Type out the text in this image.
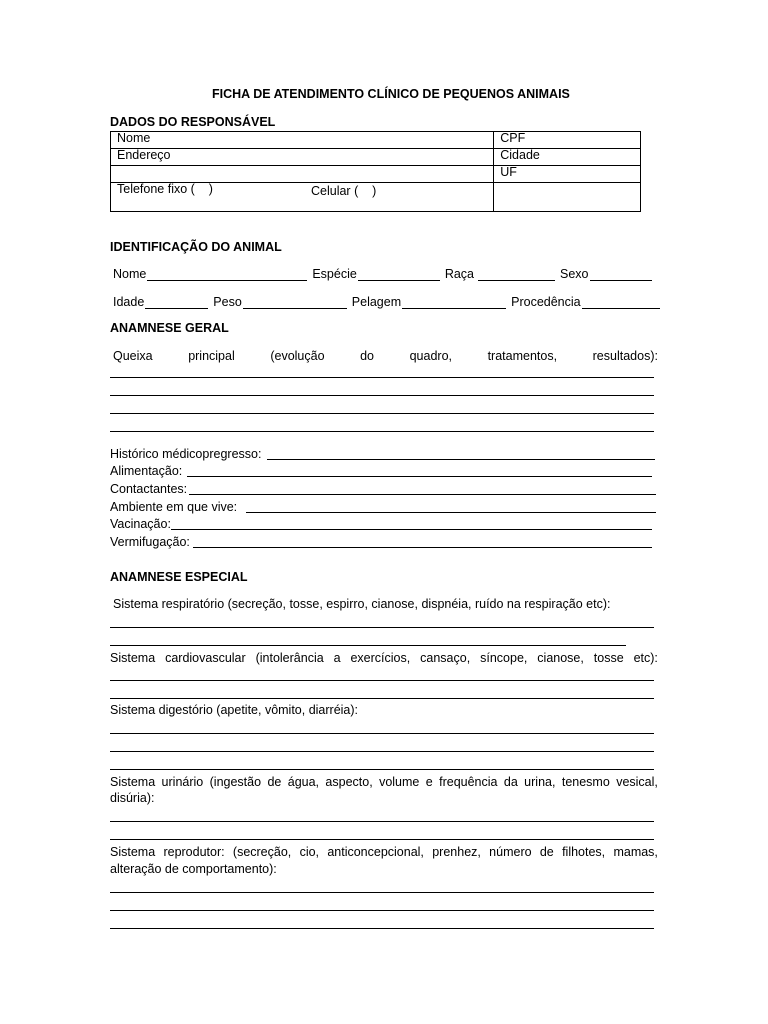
FICHA DE ATENDIMENTO CLÍNICO DE PEQUENOS ANIMAIS
DADOS DO RESPONSÁVEL
Nome	CPF
Endereço	Cidade
	UF
Telefone fixo (    ) Celular (    )	

IDENTIFICAÇÃO DO ANIMAL
Nome	Espécie	Raça	Sexo
Idade	Peso	Pelagem	Procedência
ANAMNESE GERAL
Queixa	principal	(evolução	do	quadro,	tratamentos,	resultados):
Histórico médicopregresso:
Alimentação:
Contactantes:
Ambiente em que vive:
Vacinação:
Vermifugação:
ANAMNESE ESPECIAL
Sistema respiratório (secreção, tosse, espirro, cianose, dispnéia, ruído na respiração etc):
Sistema cardiovascular (intolerância a exercícios, cansaço, síncope, cianose, tosse etc):
Sistema digestório (apetite, vômito, diarréia):
Sistema urinário (ingestão de água, aspecto, volume e frequência da urina, tenesmo vesical,
disúria):
Sistema reprodutor: (secreção, cio, anticoncepcional, prenhez, número de filhotes, mamas,
alteração de comportamento):
